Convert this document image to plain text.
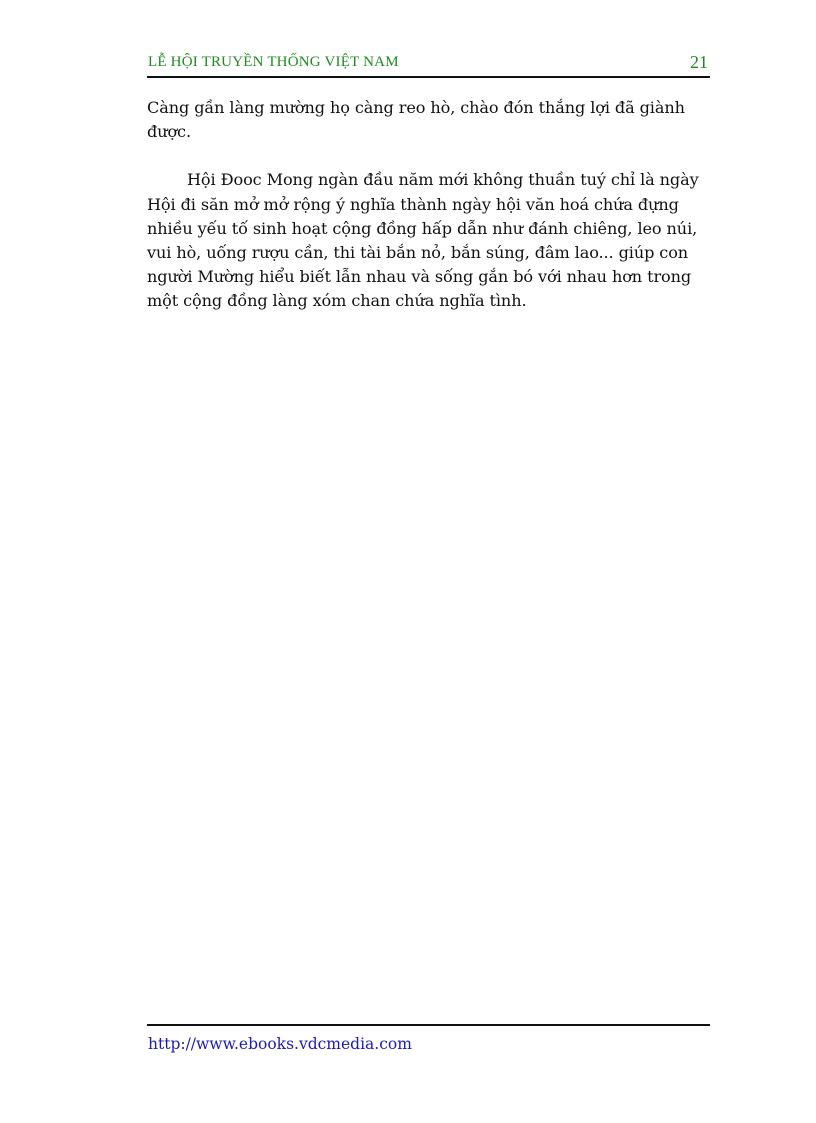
LỄ HỘI TRUYỀN THỐNG VIỆT NAM	21

Càng gần làng mường họ càng reo hò, chào đón thắng lợi đã giành được.

Hội Đooc Mong ngàn đầu năm mới không thuần tuý chỉ là ngày Hội đi săn mở mở rộng ý nghĩa thành ngày hội văn hoá chứa đựng nhiều yếu tố sinh hoạt cộng đồng hấp dẫn như đánh chiêng, leo núi, vui hò, uống rượu cần, thi tài bắn nỏ, bắn súng, đâm lao... giúp con người Mường hiểu biết lẫn nhau và sống gắn bó với nhau hơn trong một cộng đồng làng xóm chan chứa nghĩa tình.

http://www.ebooks.vdcmedia.com
